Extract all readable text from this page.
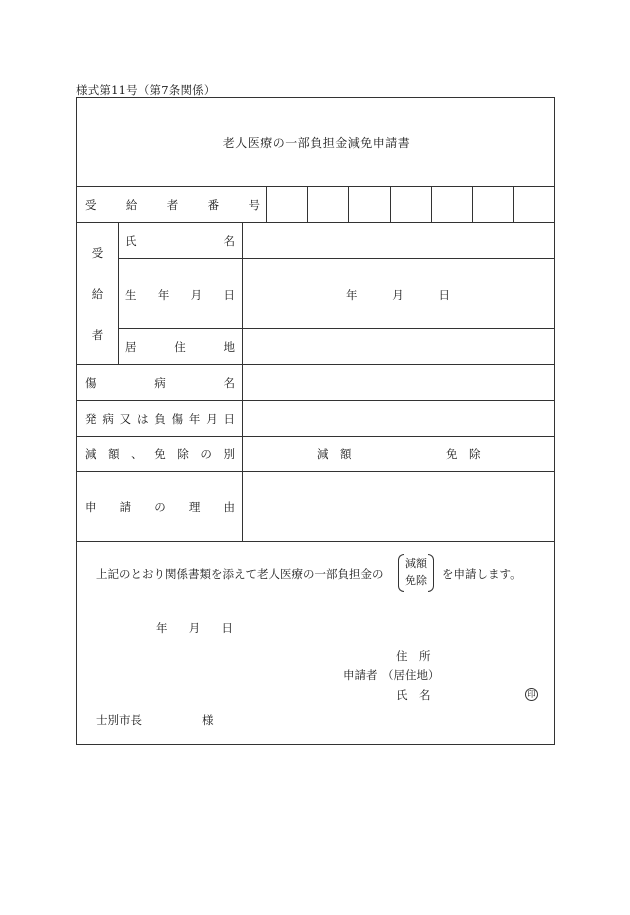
様式第11号（第7条関係）
老人医療の一部負担金減免申請書
受	給	者	番	号
受
給
者
氏	名
生 年 月 日	年	月	日
居	住	地
傷	病	名
発 病 又 は 負 傷 年 月 日
減 額 、 免 除 の 別	減　額	免　除
申 請 の 理 由
上記のとおり関係書類を添えて老人医療の一部負担金の
減額
免除	を申請します。
年 月 日
住　所
申請者 （居住地）
氏　名	印
士別市長	様
